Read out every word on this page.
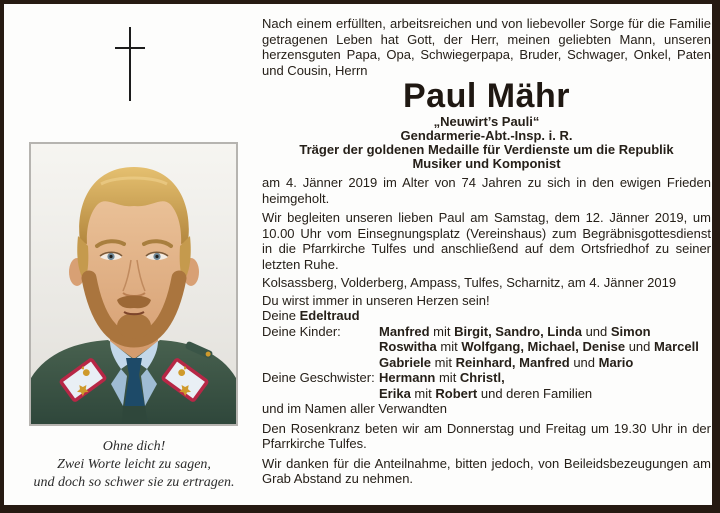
Ohne dich!
Zwei Worte leicht zu sagen,
und doch so schwer sie zu ertragen.

Nach einem erfüllten, arbeitsreichen und von liebevoller Sorge für die Familie getragenen Leben hat Gott, der Herr, meinen geliebten Mann, unseren herzensguten Papa, Opa, Schwiegerpapa, Bruder, Schwager, Onkel, Paten und Cousin, Herrn

Paul Mähr

„Neuwirt’s Pauli“

Gendarmerie-Abt.-Insp. i. R.

Träger der goldenen Medaille für Verdienste um die Republik

Musiker und Komponist

am 4. Jänner 2019 im Alter von 74 Jahren zu sich in den ewigen Frieden heimgeholt.

Wir begleiten unseren lieben Paul am Samstag, dem 12. Jänner 2019, um 10.00 Uhr vom Einsegnungsplatz (Vereinshaus) zum Begräbnisgottesdienst in die Pfarrkirche Tulfes und anschließend auf dem Ortsfriedhof zu seiner letzten Ruhe.

Kolsassberg, Volderberg, Ampass, Tulfes, Scharnitz, am 4. Jänner 2019

Du wirst immer in unseren Herzen sein!

Deine Edeltraud

Deine Kinder:	Manfred mit Birgit, Sandro, Linda und Simon
Roswitha mit Wolfgang, Michael, Denise und Marcell
Gabriele mit Reinhard, Manfred und Mario
Deine Geschwister: Hermann mit Christl,
Erika mit Robert und deren Familien

und im Namen aller Verwandten

Den Rosenkranz beten wir am Donnerstag und Freitag um 19.30 Uhr in der Pfarrkirche Tulfes.

Wir danken für die Anteilnahme, bitten jedoch, von Beileidsbezeugungen am Grab Abstand zu nehmen.
